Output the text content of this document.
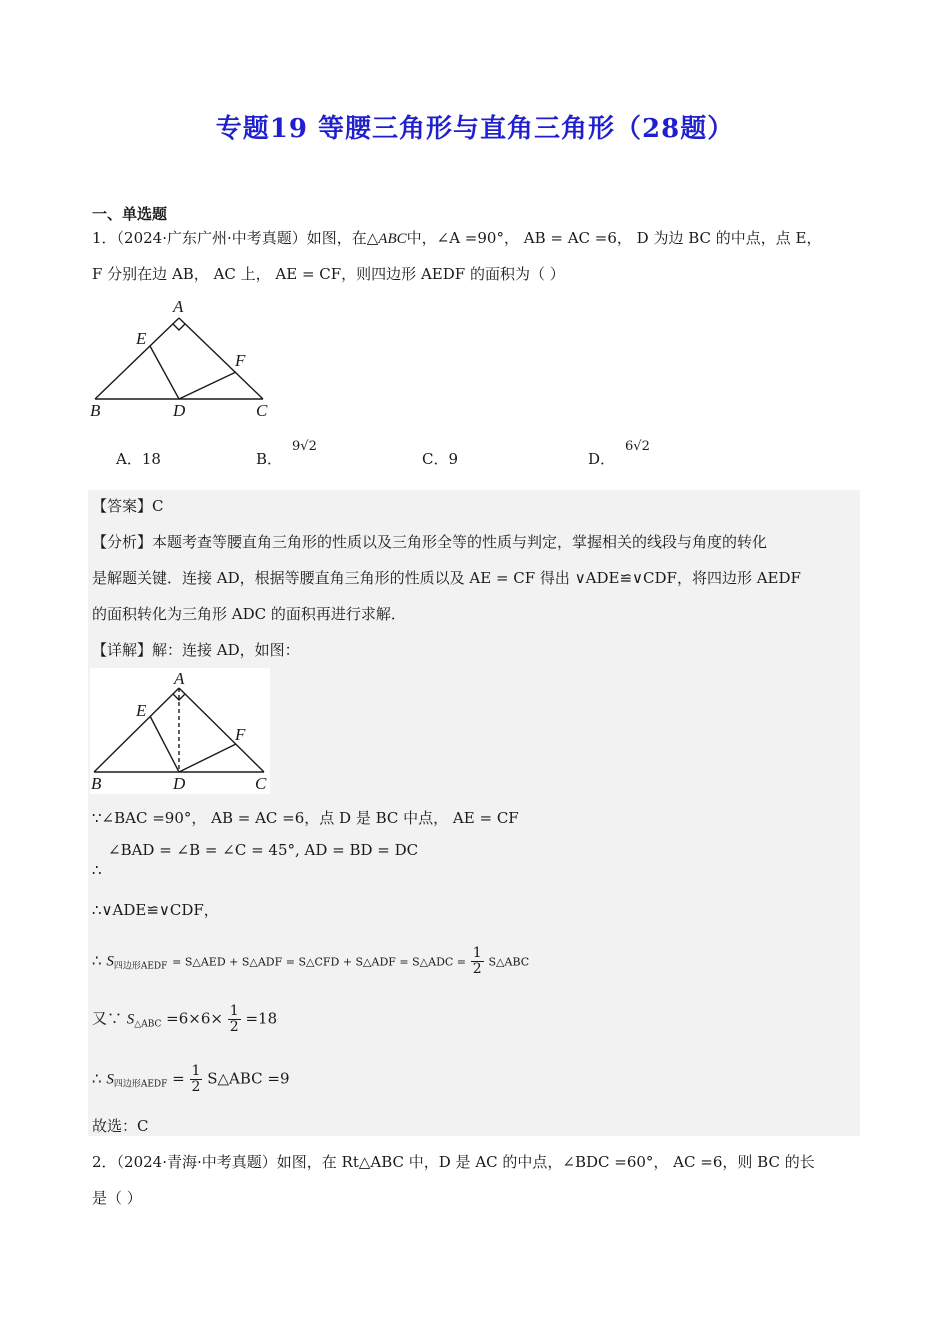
专题19 等腰三角形与直角三角形（28题）
一、单选题
1．（2024·广东广州·中考真题）如图，在△ABC中，∠A =90°， AB = AC =6， D 为边 BC 的中点，点 E，
F 分别在边 AB， AC 上， AE = CF，则四边形 AEDF 的面积为（ ）
A
E
F
B	D	C
A．18	B．9√2
C．9	D．6√2
【答案】C
【分析】本题考查等腰直角三角形的性质以及三角形全等的性质与判定，掌握相关的线段与角度的转化
是解题关键．连接 AD，根据等腰直角三角形的性质以及 AE = CF 得出 ∨ADE≌∨CDF，将四边形 AEDF
的面积转化为三角形 ADC 的面积再进行求解．
【详解】解：连接 AD，如图：
A
E
F
B	D	C
∵∠BAC =90°， AB = AC =6，点 D 是 BC 中点， AE = CF
∠BAD = ∠B = ∠C = 45°, AD = BD = DC
∴
∴∨ADE≌∨CDF，
∴ $S_{四边形AEDF}$ = S△AED + S△ADF = S△CFD + S△ADF = S△ADC = $\frac{1}{2}$ S△ABC
又∵ $S_{\triangle ABC} =6\times 6\times \frac{1}{2} =18$
∴ $S_{四边形AEDF} = \frac{1}{2}$ S△ABC =9
故选：C
2．（2024·青海·中考真题）如图，在 Rt△ABC 中，D 是 AC 的中点，∠BDC =60°， AC =6，则 BC 的长
是（ ）
